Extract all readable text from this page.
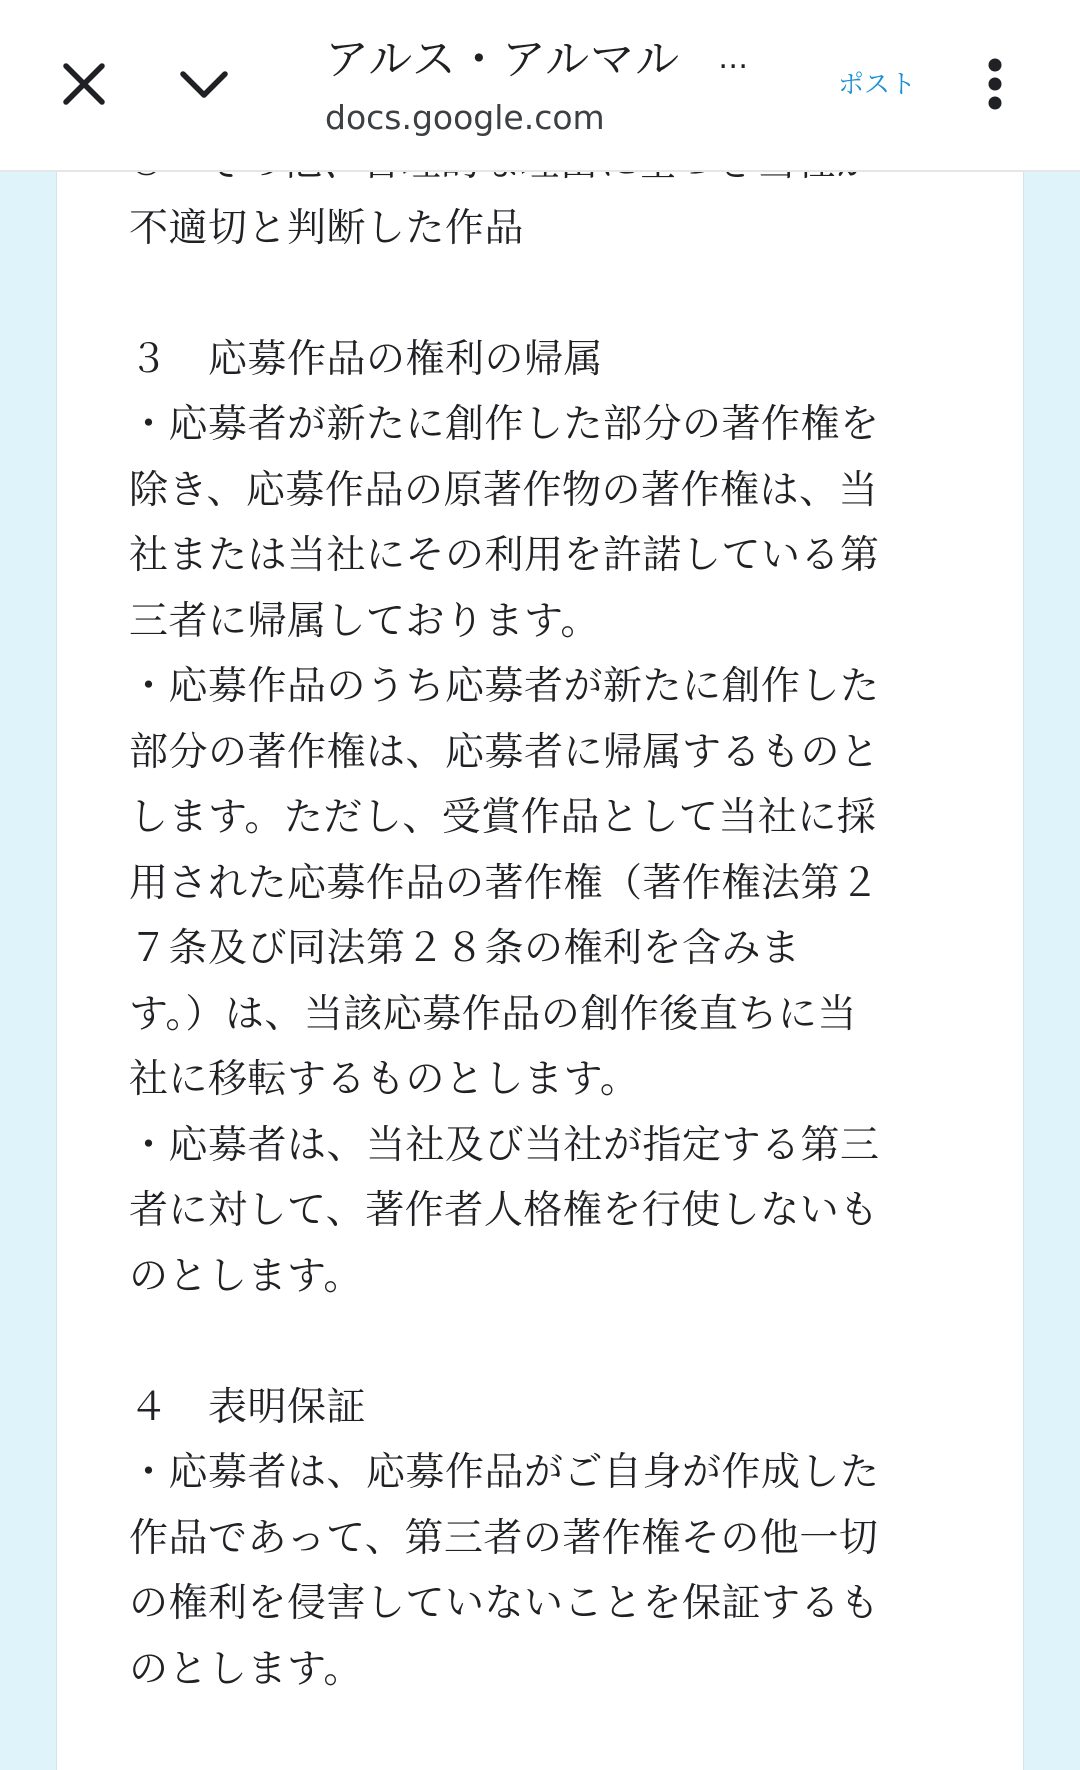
不適切と判断した作品

３　応募作品の権利の帰属
・応募者が新たに創作した部分の著作権を
除き、応募作品の原著作物の著作権は、当
社または当社にその利用を許諾している第
三者に帰属しております。
・応募作品のうち応募者が新たに創作した
部分の著作権は、応募者に帰属するものと
します。ただし、受賞作品として当社に採
用された応募作品の著作権（著作権法第２
７条及び同法第２８条の権利を含みま
す。）は、当該応募作品の創作後直ちに当
社に移転するものとします。
・応募者は、当社及び当社が指定する第三
者に対して、著作者人格権を行使しないも
のとします。

４　表明保証
・応募者は、応募作品がご自身が作成した
作品であって、第三者の著作権その他一切
の権利を侵害していないことを保証するも
のとします。
アルス・アルマル …
docs.google.com
ポスト
